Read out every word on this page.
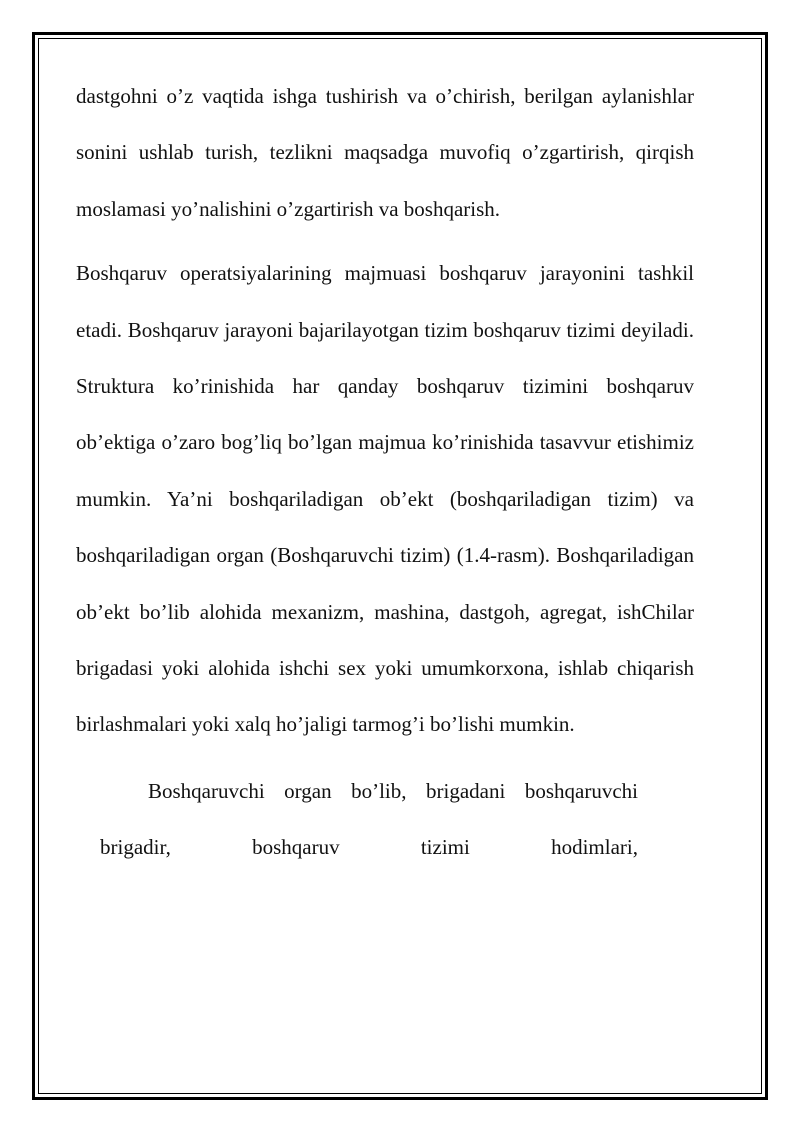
dastgohni o’z vaqtida ishga tushirish va o’chirish, berilgan aylanishlar sonini ushlab turish, tezlikni maqsadga muvofiq o’zgartirish, qirqish moslamasi yo’nalishini o’zgartirish va boshqarish.

Boshqaruv operatsiyalarining majmuasi boshqaruv jarayonini tashkil etadi. Boshqaruv jarayoni bajarilayotgan tizim boshqaruv tizimi deyiladi. Struktura ko’rinishida har qanday boshqaruv tizimini boshqaruv ob’ektiga o’zaro bog’liq bo’lgan majmua ko’rinishida tasavvur etishimiz mumkin. Ya’ni boshqariladigan ob’ekt (boshqariladigan tizim) va boshqariladigan organ (Boshqaruvchi tizim) (1.4-rasm). Boshqariladigan ob’ekt bo’lib alohida mexanizm, mashina, dastgoh, agregat, ishChilar brigadasi yoki alohida ishchi sex yoki umumkorxona, ishlab chiqarish birlashmalari yoki xalq ho’jaligi tarmog’i bo’lishi mumkin.

Boshqaruvchi organ bo’lib, brigadani boshqaruvchi brigadir, boshqaruv tizimi hodimlari,
